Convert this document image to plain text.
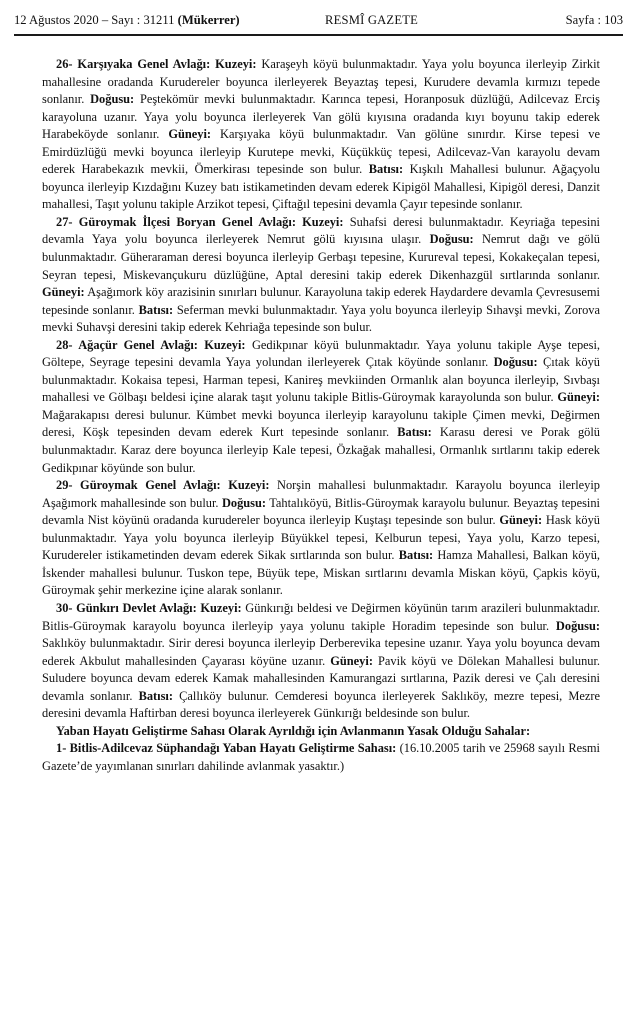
12 Ağustos 2020 – Sayı : 31211 (Mükerrer)	RESMÎ GAZETE	Sayfa : 103

26- Karşıyaka Genel Avlağı: Kuzeyi: Karaşeyh köyü bulunmaktadır. Yaya yolu boyunca ilerleyip Zirkit mahallesine oradanda Kurudereler boyunca ilerleyerek Beyaztaş tepesi, Kurudere devamla kırmızı tepede sonlanır. Doğusu: Peştekömür mevki bulunmaktadır. Karınca tepesi, Horanposuk düzlüğü, Adilcevaz Erciş karayoluna uzanır. Yaya yolu boyunca ilerleyerek Van gölü kıyısına oradanda kıyı boyunu takip ederek Harabeköyde sonlanır. Güneyi: Karşıyaka köyü bulunmaktadır. Van gölüne sınırdır. Kirse tepesi ve Emirdüzlüğü mevki boyunca ilerleyip Kurutepe mevki, Küçükküç tepesi, Adilcevaz-Van karayolu devam ederek Harabekazık mevkii, Ömerkirası tepesinde son bulur. Batısı: Kışkılı Mahallesi bulunur. Ağaçyolu boyunca ilerleyip Kızdağını Kuzey batı istikametinden devam ederek Kipigöl Mahallesi, Kipigöl deresi, Danzit mahallesi, Taşıt yolunu takiple Arzikot tepesi, Çiftağıl tepesini devamla Çayır tepesinde sonlanır.

27- Güroymak İlçesi Boryan Genel Avlağı: Kuzeyi: Suhafsi deresi bulunmaktadır. Keyriağa tepesini devamla Yaya yolu boyunca ilerleyerek Nemrut gölü kıyısına ulaşır. Doğusu: Nemrut dağı ve gölü bulunmaktadır. Güheraraman deresi boyunca ilerleyip Gerbaşı tepesine, Kurureval tepesi, Kokakeçalan tepesi, Seyran tepesi, Miskevançukuru düzlüğüne, Aptal deresini takip ederek Dikenhazgül sırtlarında sonlanır. Güneyi: Aşağımork köy arazisinin sınırları bulunur. Karayoluna takip ederek Haydardere devamla Çevresusemi tepesinde sonlanır. Batısı: Seferman mevki bulunmaktadır. Yaya yolu boyunca ilerleyip Sıhavşi mevki, Zorova mevki Suhavşi deresini takip ederek Kehriağa tepesinde son bulur.

28- Ağaçür Genel Avlağı: Kuzeyi: Gedikpınar köyü bulunmaktadır. Yaya yolunu takiple Ayşe tepesi, Göltepe, Seyrage tepesini devamla Yaya yolundan ilerleyerek Çıtak köyünde sonlanır. Doğusu: Çıtak köyü bulunmaktadır. Kokaisa tepesi, Harman tepesi, Kanireş mevkiinden Ormanlık alan boyunca ilerleyip, Sıvbaşı mahallesi ve Gölbaşı beldesi içine alarak taşıt yolunu takiple Bitlis-Güroymak karayolunda son bulur. Güneyi: Mağarakapısı deresi bulunur. Kümbet mevki boyunca ilerleyip karayolunu takiple Çimen mevki, Değirmen deresi, Köşk tepesinden devam ederek Kurt tepesinde sonlanır. Batısı: Karasu deresi ve Porak gölü bulunmaktadır. Karaz dere boyunca ilerleyip Kale tepesi, Özkağak mahallesi, Ormanlık sırtlarını takip ederek Gedikpınar köyünde son bulur.

29- Güroymak Genel Avlağı: Kuzeyi: Norşin mahallesi bulunmaktadır. Karayolu boyunca ilerleyip Aşağımork mahallesinde son bulur. Doğusu: Tahtalıköyü, Bitlis-Güroymak karayolu bulunur. Beyaztaş tepesini devamla Nist köyünü oradanda kurudereler boyunca ilerleyip Kuştaşı tepesinde son bulur. Güneyi: Hask köyü bulunmaktadır. Yaya yolu boyunca ilerleyip Büyükkel tepesi, Kelburun tepesi, Yaya yolu, Karzo tepesi, Kurudereler istikametinden devam ederek Sikak sırtlarında son bulur. Batısı: Hamza Mahallesi, Balkan köyü, İskender mahallesi bulunur. Tuskon tepe, Büyük tepe, Miskan sırtlarını devamla Miskan köyü, Çapkis köyü, Güroymak şehir merkezine içine alarak sonlanır.

30- Günkırı Devlet Avlağı: Kuzeyi: Günkırığı beldesi ve Değirmen köyünün tarım arazileri bulunmaktadır. Bitlis-Güroymak karayolu boyunca ilerleyip yaya yolunu takiple Horadim tepesinde son bulur. Doğusu: Saklıköy bulunmaktadır. Sirir deresi boyunca ilerleyip Derberevika tepesine uzanır. Yaya yolu boyunca devam ederek Akbulut mahallesinden Çayarası köyüne uzanır. Güneyi: Pavik köyü ve Dölekan Mahallesi bulunur. Suludere boyunca devam ederek Kamak mahallesinden Kamurangazi sırtlarına, Pazik deresi ve Çalı deresini devamla sonlanır. Batısı: Çallıköy bulunur. Cemderesi boyunca ilerleyerek Saklıköy, mezre tepesi, Mezre deresini devamla Haftirban deresi boyunca ilerleyerek Günkırığı beldesinde son bulur.

Yaban Hayatı Geliştirme Sahası Olarak Ayrıldığı için Avlanmanın Yasak Olduğu Sahalar:

1- Bitlis-Adilcevaz Süphandağı Yaban Hayatı Geliştirme Sahası: (16.10.2005 tarih ve 25968 sayılı Resmi Gazete’de yayımlanan sınırları dahilinde avlanmak yasaktır.)
